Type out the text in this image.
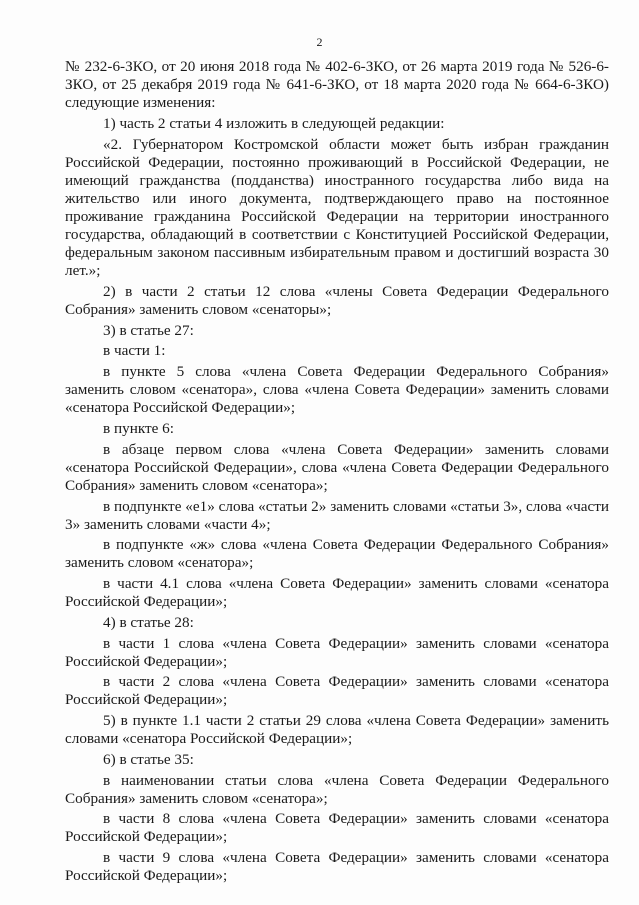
2

№ 232-6-ЗКО, от 20 июня 2018 года № 402-6-ЗКО, от 26 марта 2019 года № 526-6-ЗКО, от 25 декабря 2019 года № 641-6-ЗКО, от 18 марта 2020 года № 664-6-ЗКО) следующие изменения:

1) часть 2 статьи 4 изложить в следующей редакции:

«2. Губернатором Костромской области может быть избран гражданин Российской Федерации, постоянно проживающий в Российской Федерации, не имеющий гражданства (подданства) иностранного государства либо вида на жительство или иного документа, подтверждающего право на постоянное проживание гражданина Российской Федерации на территории иностранного государства, обладающий в соответствии с Конституцией Российской Федерации, федеральным законом пассивным избирательным правом и достигший возраста 30 лет.»;

2) в части 2 статьи 12 слова «члены Совета Федерации Федерального Собрания» заменить словом «сенаторы»;

3) в статье 27:

в части 1:

в пункте 5 слова «члена Совета Федерации Федерального Собрания» заменить словом «сенатора», слова «члена Совета Федерации» заменить словами «сенатора Российской Федерации»;

в пункте 6:

в абзаце первом слова «члена Совета Федерации» заменить словами «сенатора Российской Федерации», слова «члена Совета Федерации Федерального Собрания» заменить словом «сенатора»;

в подпункте «е1» слова «статьи 2» заменить словами «статьи 3», слова «части 3» заменить словами «части 4»;

в подпункте «ж» слова «члена Совета Федерации Федерального Собрания» заменить словом «сенатора»;

в части 4.1 слова «члена Совета Федерации» заменить словами «сенатора Российской Федерации»;

4) в статье 28:

в части 1 слова «члена Совета Федерации» заменить словами «сенатора Российской Федерации»;

в части 2 слова «члена Совета Федерации» заменить словами «сенатора Российской Федерации»;

5) в пункте 1.1 части 2 статьи 29 слова «члена Совета Федерации» заменить словами «сенатора Российской Федерации»;

6) в статье 35:

в наименовании статьи слова «члена Совета Федерации Федерального Собрания» заменить словом «сенатора»;

в части 8 слова «члена Совета Федерации» заменить словами «сенатора Российской Федерации»;

в части 9 слова «члена Совета Федерации» заменить словами «сенатора Российской Федерации»;
